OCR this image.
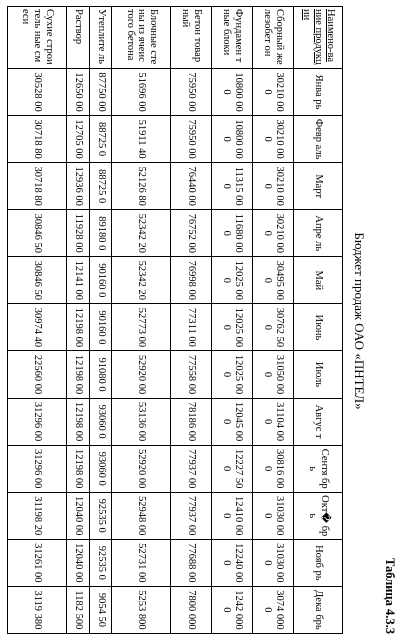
Таблица 4.3.3
Бюджет продаж ОАО «ПНТЕЛ»
Наимено-вание продукции	Янва рь	Февр аль	Март	Апре ль	Май	Июнь	Июль	Авгус т	Сентя брь	Окт� брь	Нояб рь	Дека брь
Сборный железобет он	30210 000	30210 000	30210 000	30210 000	30495 000	30762 500	31050 000	31104 000	30816 000	31030 000	31030 000	3074 0000
Фундамен тные блоки	10800 000	10800 000	11315 000	11680 000	12025 000	12025 000	12025 000	12045 000	12227 500	12410 000	12240 000	1242 0000
Бетон товарный	75950 00	75950 00	76440 00	76752 00	76998 00	77311 00	77558 00	78186 00	77937 00	77937 00	77688 00	7800 000
Блочные стены из ячеистого бетона	51696 00	51911 40	52126 80	52342 20	52342 20	52773 00	52920 00	53136 00	52920 00	52948 00	52731 00	5253 800
Утеплите ль	87750 00	88725 0	88725 0	89180 0	90160 0	90160 0	91080 0	93060 0	93060 0	92535 0	92535 0	9054 50
Раствор	12650 00	12705 00	12936 00	11928 00	12141 00	12198 00	12198 00	12198 00	12198 00	12040 00	12040 00	1182 500
Сухие строитель ные смеси	30528 00	30718 80	30718 80	30846 50	30846 50	30974 40	22560 00	31296 00	31296 00	31198 20	31261 00	3119 380
